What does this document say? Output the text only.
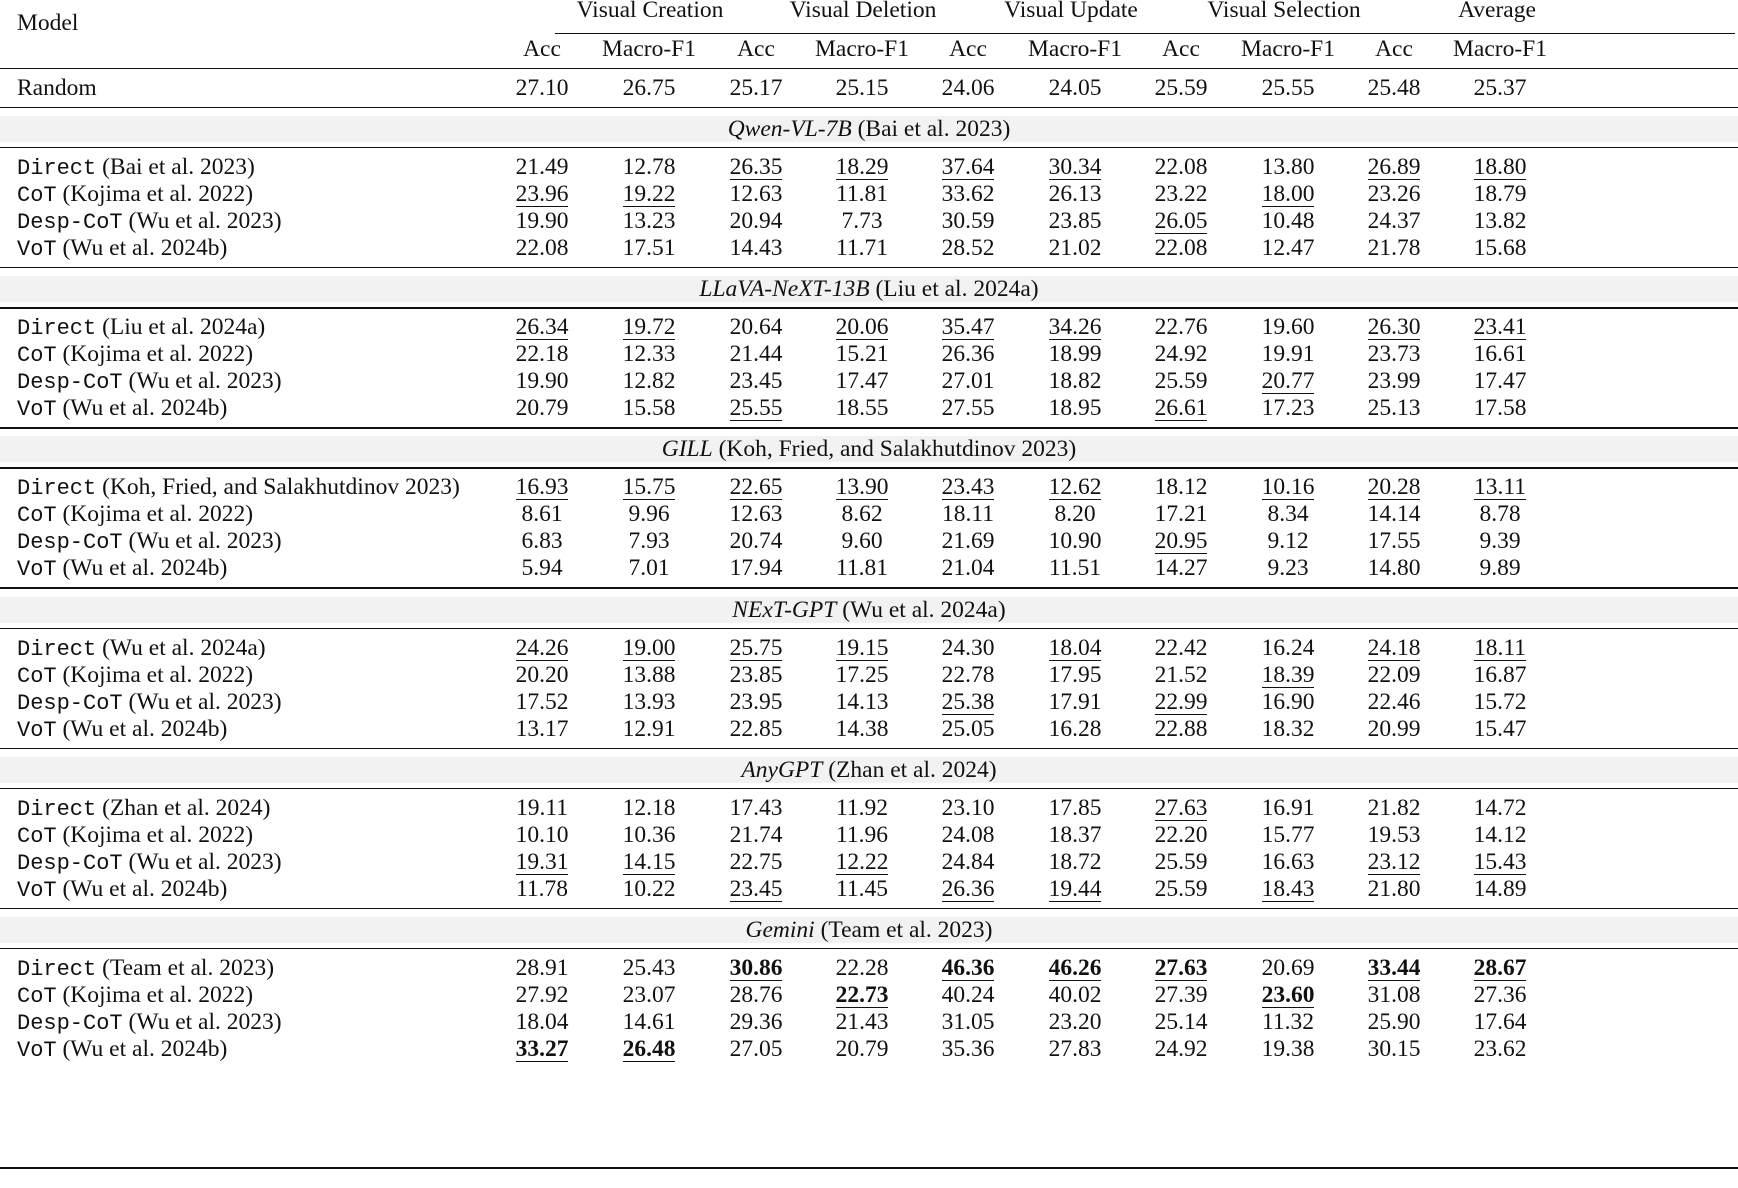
Model	Visual Creation	Visual Deletion	Visual Update	Visual Selection	Average
Acc	Macro-F1	Acc	Macro-F1	Acc	Macro-F1	Acc	Macro-F1	Acc	Macro-F1
Random	27.10	26.75	25.17	25.15	24.06	24.05	25.59	25.55	25.48	25.37
Qwen-VL-7B (Bai et al. 2023)
Direct (Bai et al. 2023)	21.49	12.78	26.35	18.29	37.64	30.34	22.08	13.80	26.89	18.80
CoT (Kojima et al. 2022)	23.96	19.22	12.63	11.81	33.62	26.13	23.22	18.00	23.26	18.79
Desp-CoT (Wu et al. 2023)	19.90	13.23	20.94	7.73	30.59	23.85	26.05	10.48	24.37	13.82
VoT (Wu et al. 2024b)	22.08	17.51	14.43	11.71	28.52	21.02	22.08	12.47	21.78	15.68
LLaVA-NeXT-13B (Liu et al. 2024a)
Direct (Liu et al. 2024a)	26.34	19.72	20.64	20.06	35.47	34.26	22.76	19.60	26.30	23.41
CoT (Kojima et al. 2022)	22.18	12.33	21.44	15.21	26.36	18.99	24.92	19.91	23.73	16.61
Desp-CoT (Wu et al. 2023)	19.90	12.82	23.45	17.47	27.01	18.82	25.59	20.77	23.99	17.47
VoT (Wu et al. 2024b)	20.79	15.58	25.55	18.55	27.55	18.95	26.61	17.23	25.13	17.58
GILL (Koh, Fried, and Salakhutdinov 2023)
Direct (Koh, Fried, and Salakhutdinov 2023)	16.93	15.75	22.65	13.90	23.43	12.62	18.12	10.16	20.28	13.11
CoT (Kojima et al. 2022)	8.61	9.96	12.63	8.62	18.11	8.20	17.21	8.34	14.14	8.78
Desp-CoT (Wu et al. 2023)	6.83	7.93	20.74	9.60	21.69	10.90	20.95	9.12	17.55	9.39
VoT (Wu et al. 2024b)	5.94	7.01	17.94	11.81	21.04	11.51	14.27	9.23	14.80	9.89
NExT-GPT (Wu et al. 2024a)
Direct (Wu et al. 2024a)	24.26	19.00	25.75	19.15	24.30	18.04	22.42	16.24	24.18	18.11
CoT (Kojima et al. 2022)	20.20	13.88	23.85	17.25	22.78	17.95	21.52	18.39	22.09	16.87
Desp-CoT (Wu et al. 2023)	17.52	13.93	23.95	14.13	25.38	17.91	22.99	16.90	22.46	15.72
VoT (Wu et al. 2024b)	13.17	12.91	22.85	14.38	25.05	16.28	22.88	18.32	20.99	15.47
AnyGPT (Zhan et al. 2024)
Direct (Zhan et al. 2024)	19.11	12.18	17.43	11.92	23.10	17.85	27.63	16.91	21.82	14.72
CoT (Kojima et al. 2022)	10.10	10.36	21.74	11.96	24.08	18.37	22.20	15.77	19.53	14.12
Desp-CoT (Wu et al. 2023)	19.31	14.15	22.75	12.22	24.84	18.72	25.59	16.63	23.12	15.43
VoT (Wu et al. 2024b)	11.78	10.22	23.45	11.45	26.36	19.44	25.59	18.43	21.80	14.89
Gemini (Team et al. 2023)
Direct (Team et al. 2023)	28.91	25.43	30.86	22.28	46.36	46.26	27.63	20.69	33.44	28.67
CoT (Kojima et al. 2022)	27.92	23.07	28.76	22.73	40.24	40.02	27.39	23.60	31.08	27.36
Desp-CoT (Wu et al. 2023)	18.04	14.61	29.36	21.43	31.05	23.20	25.14	11.32	25.90	17.64
VoT (Wu et al. 2024b)	33.27	26.48	27.05	20.79	35.36	27.83	24.92	19.38	30.15	23.62
